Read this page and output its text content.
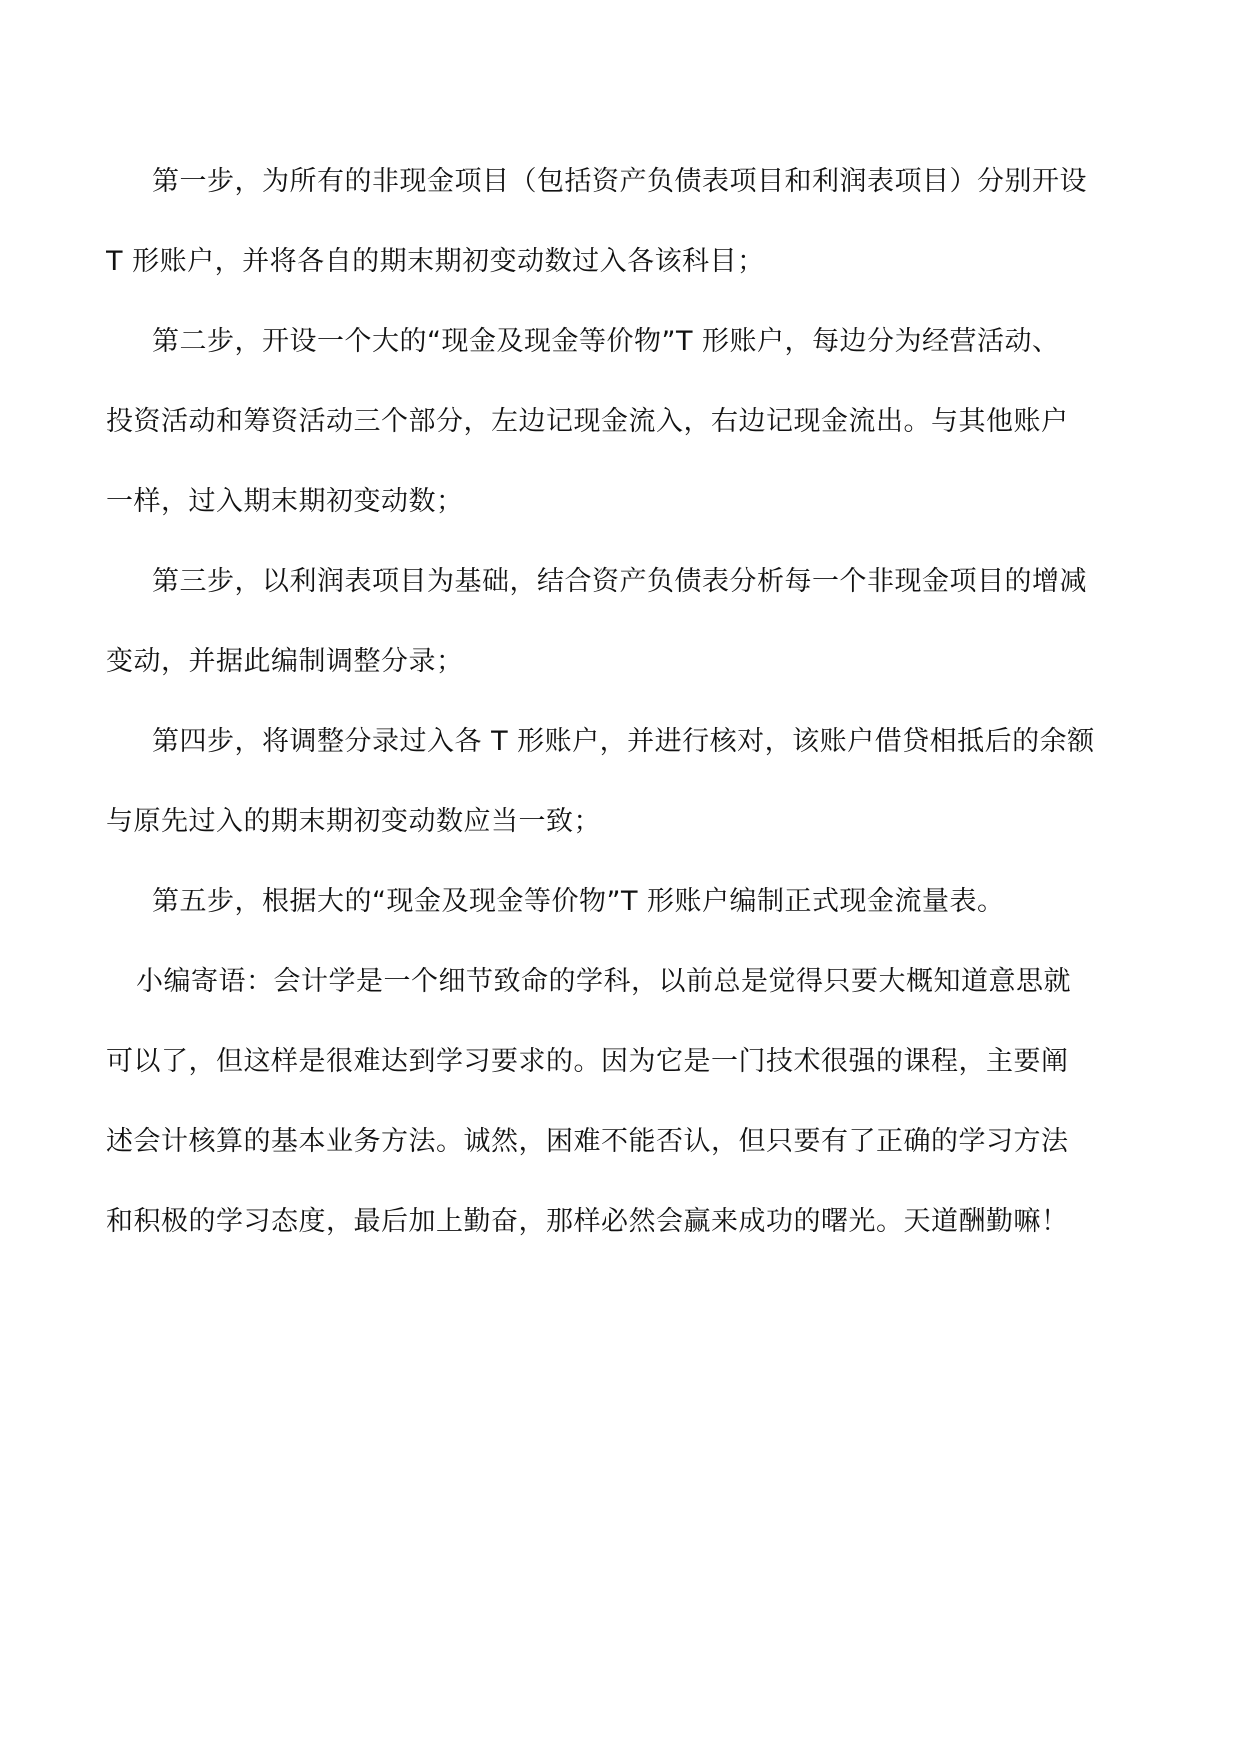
第一步，为所有的非现金项目（包括资产负债表项目和利润表项目）分别开设
T 形账户，并将各自的期末期初变动数过入各该科目；
第二步，开设一个大的“现金及现金等价物”T 形账户，每边分为经营活动、
投资活动和筹资活动三个部分，左边记现金流入，右边记现金流出。与其他账户
一样，过入期末期初变动数；
第三步，以利润表项目为基础，结合资产负债表分析每一个非现金项目的增减
变动，并据此编制调整分录；
第四步，将调整分录过入各 T 形账户，并进行核对，该账户借贷相抵后的余额
与原先过入的期末期初变动数应当一致；
第五步，根据大的“现金及现金等价物”T 形账户编制正式现金流量表。
小编寄语：会计学是一个细节致命的学科，以前总是觉得只要大概知道意思就
可以了，但这样是很难达到学习要求的。因为它是一门技术很强的课程，主要阐
述会计核算的基本业务方法。诚然，困难不能否认，但只要有了正确的学习方法
和积极的学习态度，最后加上勤奋，那样必然会赢来成功的曙光。天道酬勤嘛！
